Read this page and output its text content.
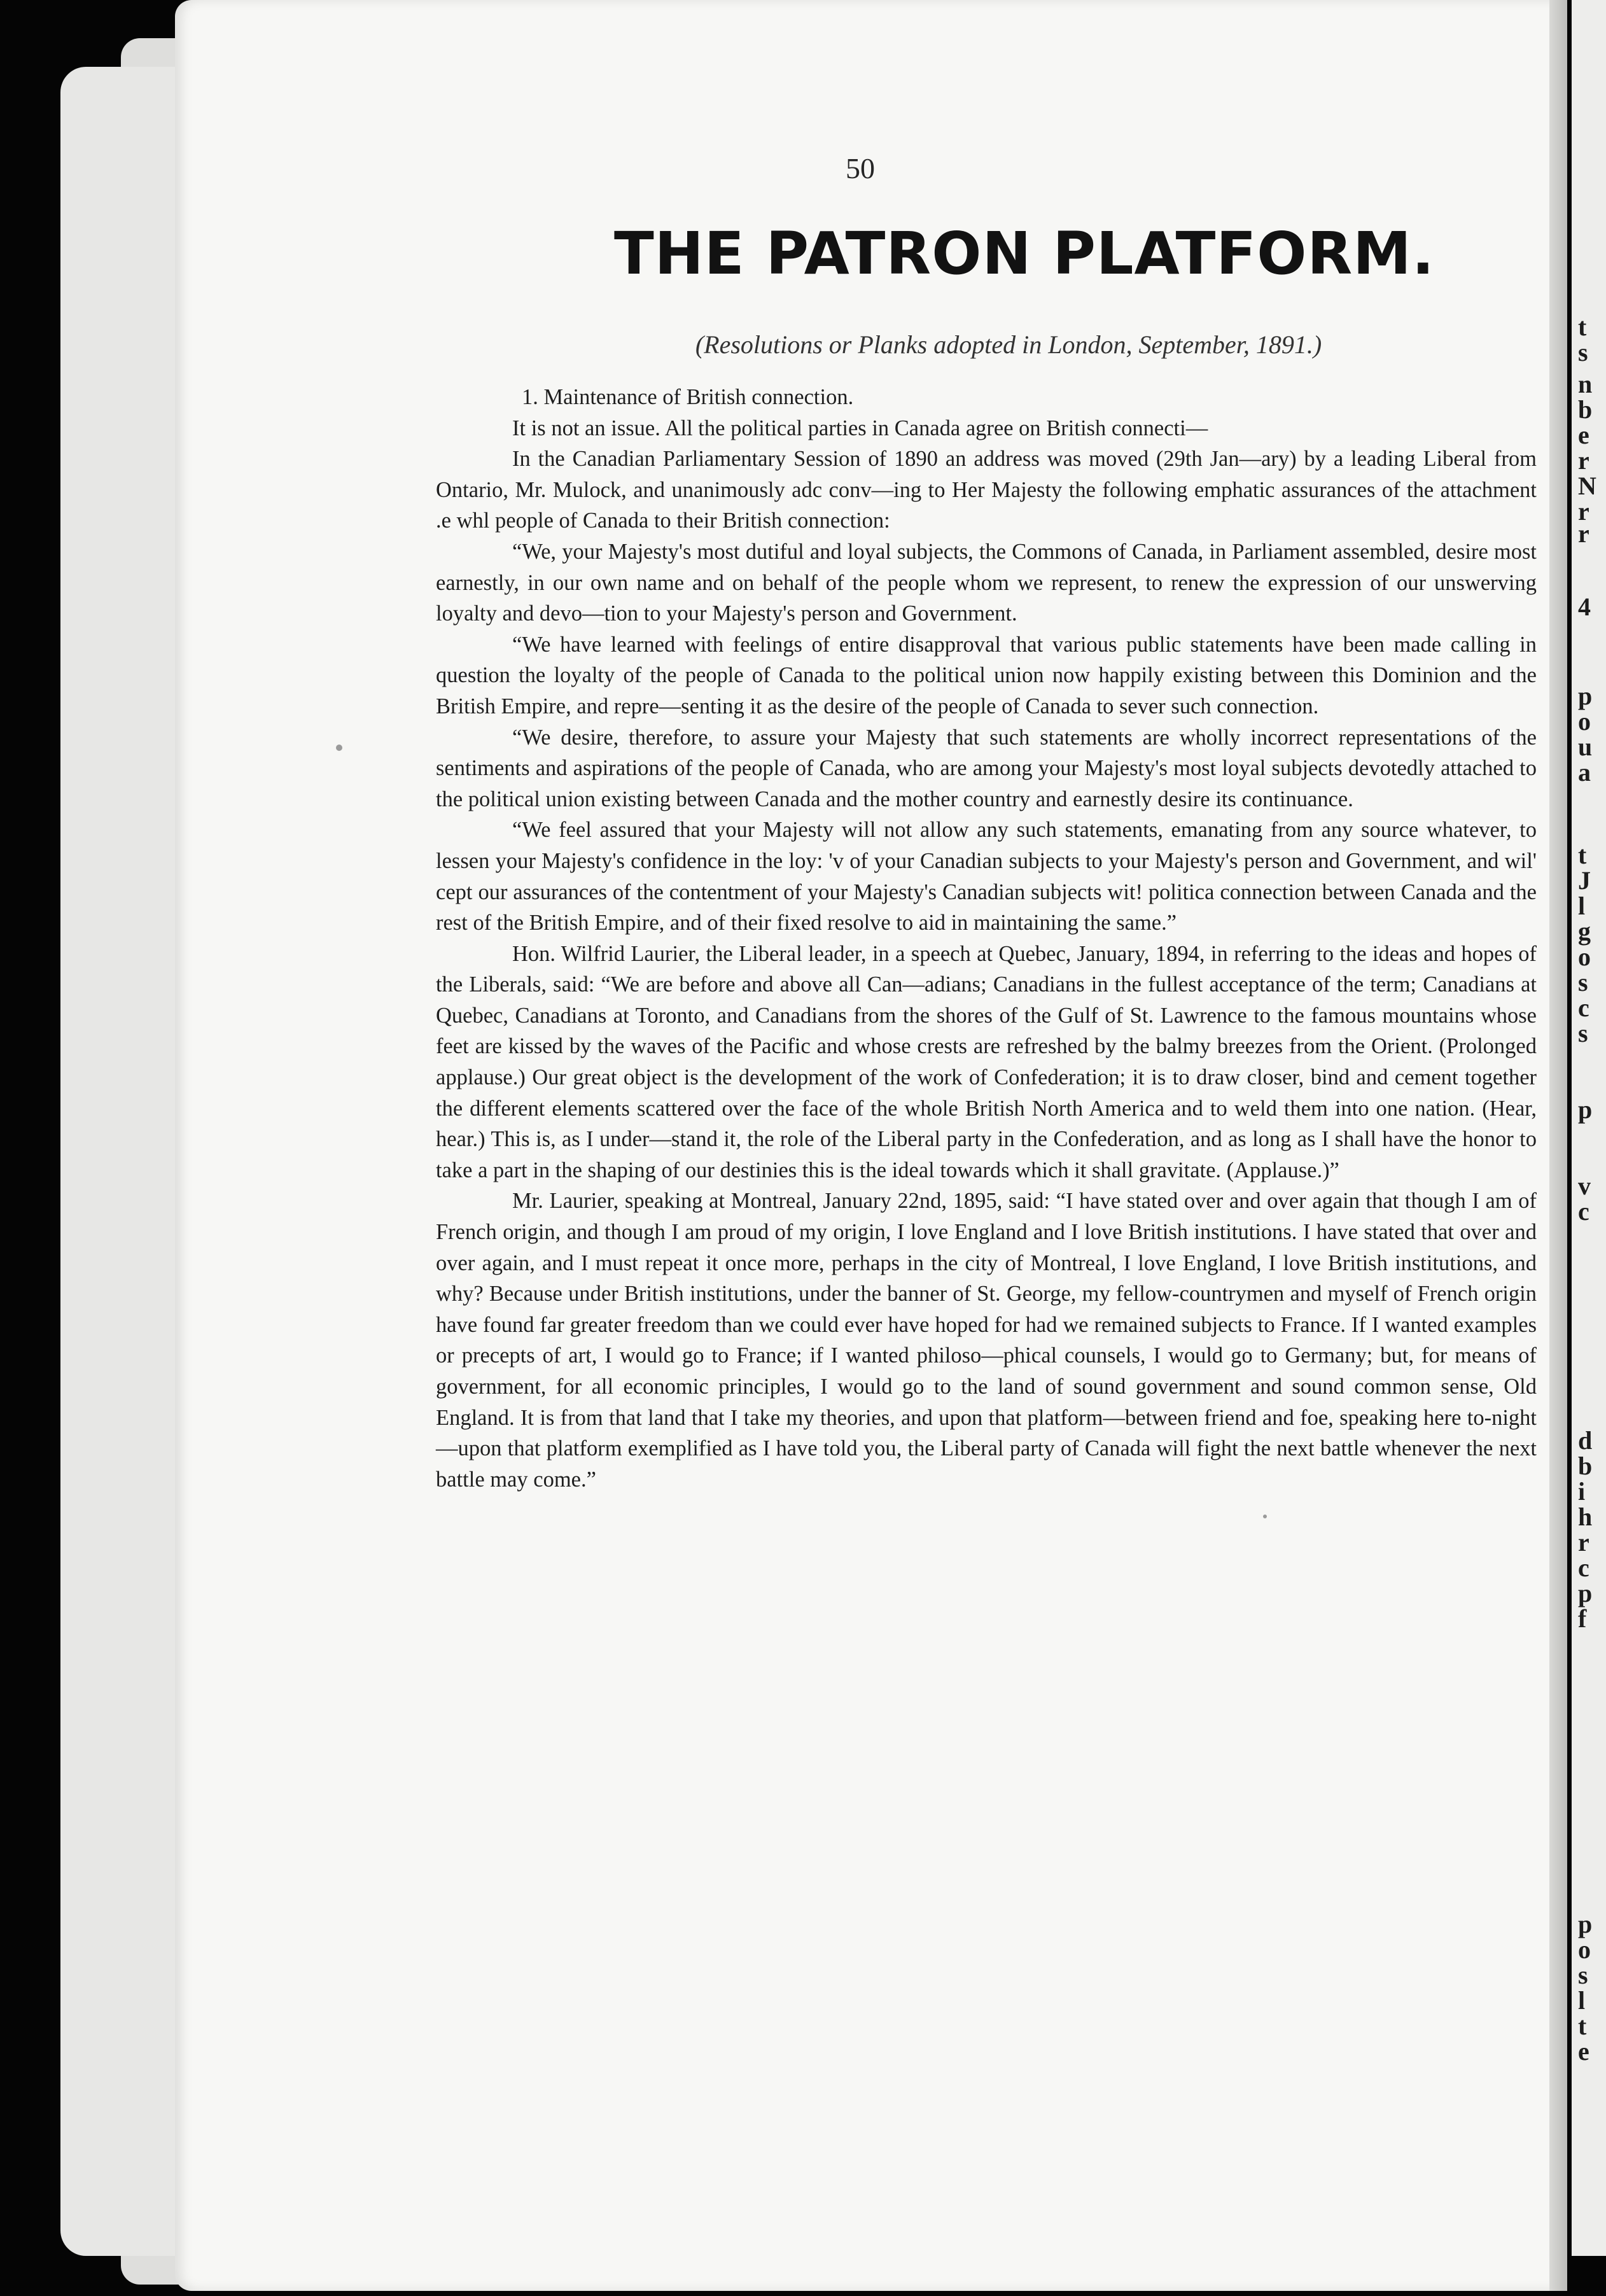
t
s
n
b
e
r
N
r
r
4
p
o
u
a
t
J
l
g
o
s
c
s
p
v
c
d
b
i
h
r
c
p
f
p
o
s
l
t
e
50
THE PATRON PLATFORM.
(Resolutions or Planks adopted in London, September, 1891.)

1. Maintenance of British connection.

It is not an issue. All the political parties in Canada agree on British connecti—

In the Canadian Parliamentary Session of 1890 an address was moved (29th Jan—ary) by a leading Liberal from Ontario, Mr. Mulock, and unanimously adc conv—ing to Her Majesty the following emphatic assurances of the attachment .e whl people of Canada to their British connection:

“We, your Majesty's most dutiful and loyal subjects, the Commons of Canada, in Parliament assembled, desire most earnestly, in our own name and on behalf of the people whom we represent, to renew the expression of our unswerving loyalty and devo—tion to your Majesty's person and Government.

“We have learned with feelings of entire disapproval that various public statements have been made calling in question the loyalty of the people of Canada to the political union now happily existing between this Dominion and the British Empire, and repre—senting it as the desire of the people of Canada to sever such connection.

“We desire, therefore, to assure your Majesty that such statements are wholly incorrect representations of the sentiments and aspirations of the people of Canada, who are among your Majesty's most loyal subjects devotedly attached to the political union existing between Canada and the mother country and earnestly desire its continuance.

“We feel assured that your Majesty will not allow any such statements, emanating from any source whatever, to lessen your Majesty's confidence in the loy: 'v of your Canadian subjects to your Majesty's person and Government, and wil' cept our assurances of the contentment of your Majesty's Canadian subjects wit! politica connection between Canada and the rest of the British Empire, and of their fixed resolve to aid in maintaining the same.”

Hon. Wilfrid Laurier, the Liberal leader, in a speech at Quebec, January, 1894, in referring to the ideas and hopes of the Liberals, said: “We are before and above all Can—adians; Canadians in the fullest acceptance of the term; Canadians at Quebec, Canadians at Toronto, and Canadians from the shores of the Gulf of St. Lawrence to the famous mountains whose feet are kissed by the waves of the Pacific and whose crests are refreshed by the balmy breezes from the Orient. (Prolonged applause.) Our great object is the development of the work of Confederation; it is to draw closer, bind and cement together the different elements scattered over the face of the whole British North America and to weld them into one nation. (Hear, hear.) This is, as I under—stand it, the role of the Liberal party in the Confederation, and as long as I shall have the honor to take a part in the shaping of our destinies this is the ideal towards which it shall gravitate. (Applause.)”

Mr. Laurier, speaking at Montreal, January 22nd, 1895, said: “I have stated over and over again that though I am of French origin, and though I am proud of my origin, I love England and I love British institutions. I have stated that over and over again, and I must repeat it once more, perhaps in the city of Montreal, I love England, I love British institutions, and why? Because under British institutions, under the banner of St. George, my fellow-countrymen and myself of French origin have found far greater freedom than we could ever have hoped for had we remained subjects to France. If I wanted examples or precepts of art, I would go to France; if I wanted philoso—phical counsels, I would go to Germany; but, for means of government, for all economic principles, I would go to the land of sound government and sound common sense, Old England. It is from that land that I take my theories, and upon that platform—between friend and foe, speaking here to-night—upon that platform exemplified as I have told you, the Liberal party of Canada will fight the next battle whenever the next battle may come.”
